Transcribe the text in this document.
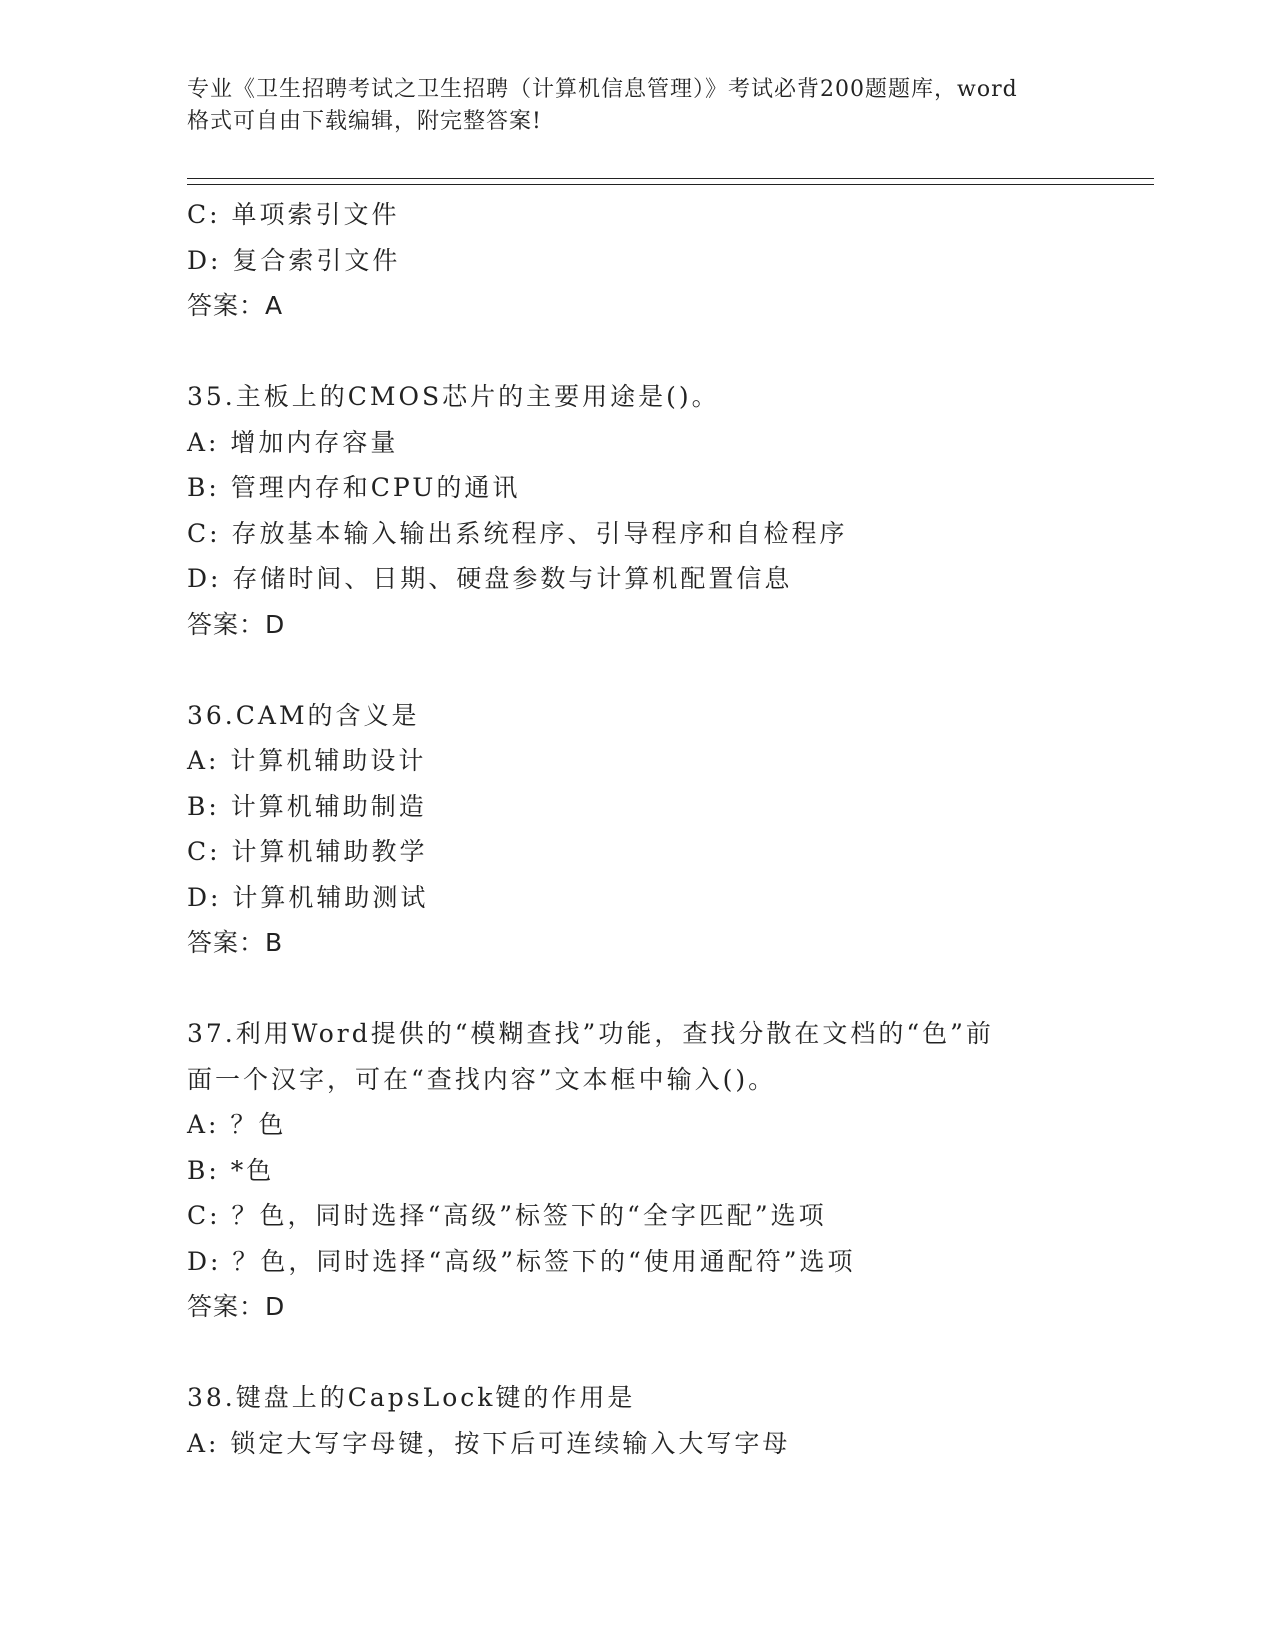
专业《卫生招聘考试之卫生招聘（计算机信息管理）》考试必背200题题库，word
格式可自由下载编辑，附完整答案!
C: 单项索引文件
D: 复合索引文件
答案：A
35.主板上的CMOS芯片的主要用途是()。
A: 增加内存容量
B: 管理内存和CPU的通讯
C: 存放基本输入输出系统程序、引导程序和自检程序
D: 存储时间、日期、硬盘参数与计算机配置信息
答案：D
36.CAM的含义是
A: 计算机辅助设计
B: 计算机辅助制造
C: 计算机辅助教学
D: 计算机辅助测试
答案：B
37.利用Word提供的“模糊查找”功能，查找分散在文档的“色”前
面一个汉字，可在“查找内容”文本框中输入()。
A: ？色
B: *色
C: ？色，同时选择“高级”标签下的“全字匹配”选项
D: ？色，同时选择“高级”标签下的“使用通配符”选项
答案：D
38.键盘上的CapsLock键的作用是
A: 锁定大写字母键，按下后可连续输入大写字母
